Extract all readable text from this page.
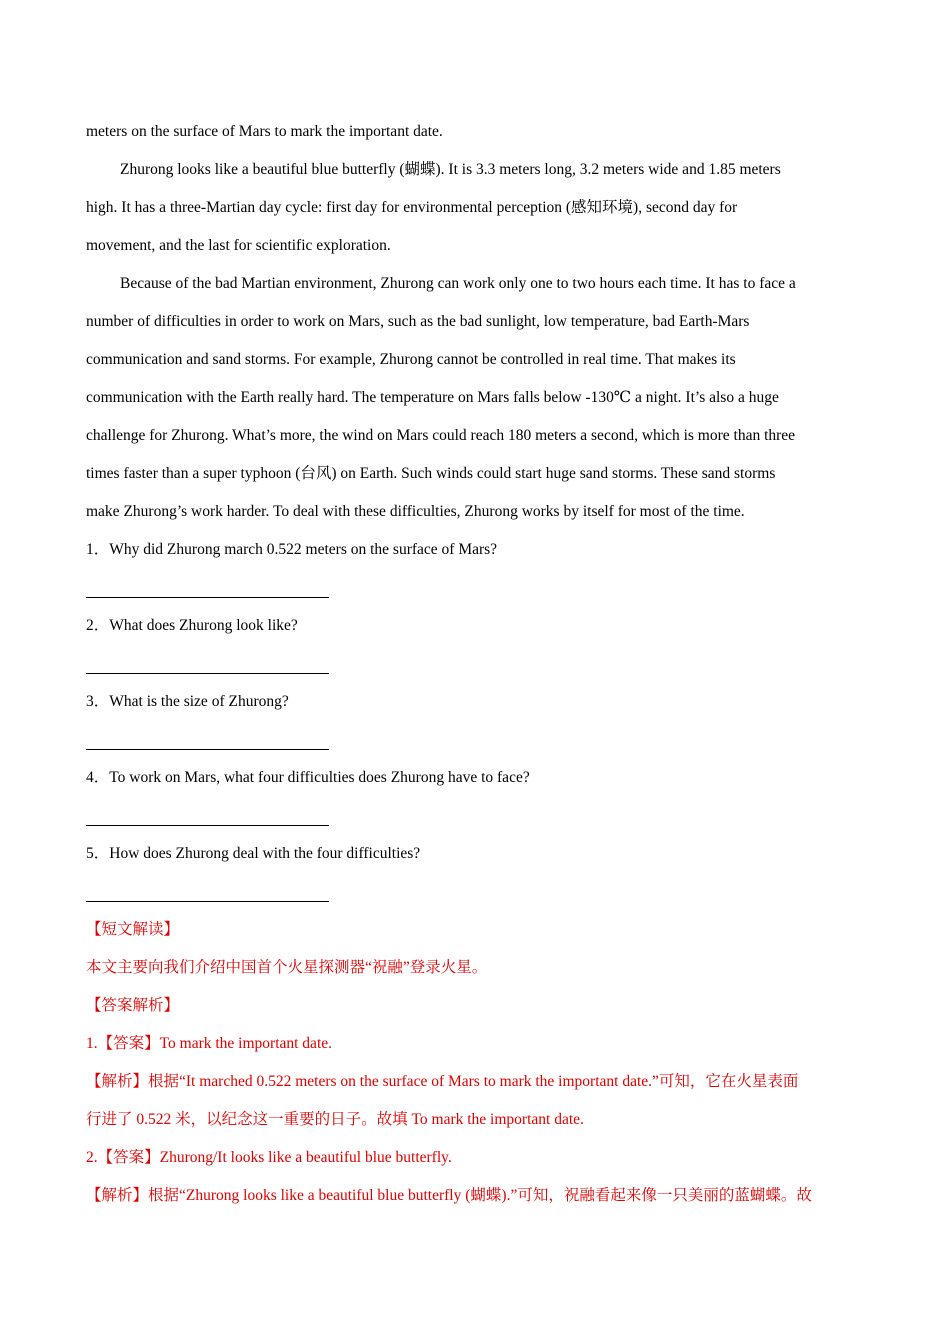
meters on the surface of Mars to mark the important date.
Zhurong looks like a beautiful blue butterfly (蝴蝶). It is 3.3 meters long, 3.2 meters wide and 1.85 meters
high. It has a three-Martian day cycle: first day for environmental perception (感知环境), second day for
movement, and the last for scientific exploration.
Because of the bad Martian environment, Zhurong can work only one to two hours each time. It has to face a
number of difficulties in order to work on Mars, such as the bad sunlight, low temperature, bad Earth-Mars
communication and sand storms. For example, Zhurong cannot be controlled in real time. That makes its
communication with the Earth really hard. The temperature on Mars falls below -130℃ a night. It’s also a huge
challenge for Zhurong. What’s more, the wind on Mars could reach 180 meters a second, which is more than three
times faster than a super typhoon (台风) on Earth. Such winds could start huge sand storms. These sand storms
make Zhurong’s work harder. To deal with these difficulties, Zhurong works by itself for most of the time.
1．Why did Zhurong march 0.522 meters on the surface of Mars?
2．What does Zhurong look like?
3．What is the size of Zhurong?
4．To work on Mars, what four difficulties does Zhurong have to face?
5．How does Zhurong deal with the four difficulties?
【短文解读】
本文主要向我们介绍中国首个火星探测器“祝融”登录火星。
【答案解析】
1.【答案】To mark the important date.
【解析】根据“It marched 0.522 meters on the surface of Mars to mark the important date.”可知，它在火星表面
行进了 0.522 米，以纪念这一重要的日子。故填 To mark the important date.
2.【答案】Zhurong/It looks like a beautiful blue butterfly.
【解析】根据“Zhurong looks like a beautiful blue butterfly (蝴蝶).”可知，祝融看起来像一只美丽的蓝蝴蝶。故
